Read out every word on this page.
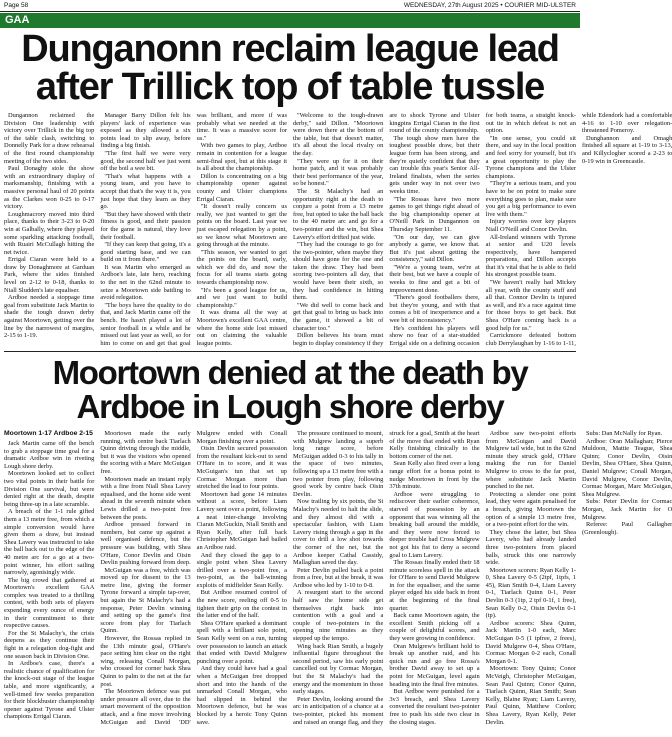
Page 58	WEDNESDAY, 27th August 2025 • COURIER MID-ULSTER
GAA
Dunganonn reclaim league lead after Trillick top of table tussle

Dungannon reclaimed the Division One leadership with victory over Trillick in the big top of the table clash, switching to Donnelly Park for a draw rehearsal of the first round championship meeting of the two sides.

Paul Donaghy stole the show with an extraordinary display of marksmanship, finishing with a massive personal haul of 20 points as the Clarkes won 0-25 to 0-17 victory.

Loughmacrory moved into third place, thanks to their 3-23 to 0-20 win at Galbally, where they played some sparkling attacking football, with Ruairi McCullagh hitting the net twice.

Errigal Ciaran were held to a draw by Donaghmore at Garduan Park, where the sides finished level on 2-12 to 0-18, thanks to Niall Sludden's late equaliser.

Ardboe needed a stoppage time goal from substitute Jack Martin to shade the tough drawn derby against Moortown, getting over the line by the narrowest of margins, 2-15 to 1-19.

Manager Barry Dillon felt his players' lack of experience was exposed as they allowed a six points lead to slip away, before finding a big finish.

"The first half we were very good, the second half we just went off the boil a wee bit.

"That's what happens with a young team, and you have to accept that that's the way it is, you just hope that they learn as they go.

"But they have showed with their fitness is good, and their passion for the game is natural, they love their football.

"If they can keep that going, it's a good starting base, and we can build on it from there."

It was Martin who emerged as Ardboe's late, late hero, reaching to the net in the 62nd minute to seize a Moortown side battling to avoid relegation.

"The boys have the quality to do that, and Jack Martin came off the bench. He hasn't played a lot of senior football in a while and he missed out last year as well, so for him to come on and get that goal was brilliant, and more if was probably what we needed at the time. It was a massive score for us."

With two games to play, Ardboe remain in contention for a league semi-final spot, but at this stage it is all about the championship.

Dillon is concentrating on a big championship opener against county and Ulster champions Errigal Ciaran.

"It doesn't really concern us really, we just wanted to get the points on the board. Last year we just escaped relegation by a point, so we know what Moortown are going through at the minute.

"This season, we wanted to get the points on the board, early, which we did do, and now the focus for all teams starts going towards championship now.

"It's been a good league for us, and we just want to build championship."

It was drama all the way at Moortown's excellent GAA centre, where the home side lost missed out on claiming the valuable league points.

"Welcome to the tough-drawn derby," said Dillon. "Moortown were down there at the bottom of the table, but that doesn't matter, it's all about the local rivalry on the day.

"They were up for it on their home patch, and it was probably their best performance of the year, so be honest."

The St Malachy's had an opportunity right at the death to conjure a point from a 13 metre free, but opted to take the ball back to the 40 metre arc and go for a two-pointer and the win, but Shea Lavery's effort drifted just wide.

"They had the courage to go for the two-pointer, when maybe they should have gone for the one and taken the draw. They had been scoring two-pointers all day, that would have been their sixth, so they had confidence in hitting them.

"We did well to come back and get that goal to bring us back into the game, it showed a bit of character too."

Dillon believes his team must begin to display consistency if they are to shock Tyrone and Ulster kingpins Errigal Ciaran in the first round of the county championship.

The tough show men have the toughest possible draw, but their league form has been strong, and they're quietly confident that they can trouble this year's Senior All-Ireland finalists, when the series gets under way in not over two weeks time.

"The Rossas have two more games to get things right ahead of the big championship opener at O'Neill Park in Dungannon on Thursday September 11.

"On our day, we can give anybody a game, we know that. But it's just about getting the consistency," said Dillon.

"We're a young team, we're at their best, but we have a couple of weeks to fine and get a bit of improvement done.

"There's good footballers there, but they're young, and with that comes a bit of inexperience and a wee bit of inconsistency."

He's confident his players will show no fear of a star-studded Errigal side on a defining occasion for both teams, a straight knock-out tie in which defeat is not an option.

"In one sense, you could sit there, and say in the local position and feel sorry for yourself, but it's a great opportunity to play the Tyrone champions and the Ulster champions.

"They're a serious team, and you have to be on point to make sure everything goes to plan, make sure you get a big performance to even live with them."

Injury worries over key players Niall O'Neill and Conor Devlin.

All-Ireland winners with Tyrone at senior and U20 levels respectively, have hampered preparations, and Dillon accepts that it's vital that he is able to field his strongest possible team.

"We haven't really had Mickey all year, with the county stuff and all that. Connor Devlin is injured as well, and it's a race against time for those boys to get back. But Shea O'Hare coming back is a good help for us."

Carrickmore defeated bottom club Derrylaughan by 1-16 to 1-11, while Edendork had a comfortable 4-16 to 1-10 over relegation-threatened Pomeroy.

Dunghannon and Omagh finished all square at 1-19 to 3-13, and Killyclogher scored a 2-23 to 0-19 win in Greencastle.

Moortown denied at the death by Ardboe in Lough shore derby
Moortown 1-17 Ardboe 2-15

Jack Martin came off the bench to grab a stoppage time goal for a dramatic Ardboe win in riveting Lough shore derby.

Moortown looked set to collect two vital points in their battle for Division One survival, but were denied right at the death, despite being three-up in a late scramble.

A breach of the 1-1 rule gifted them a 13 metre free, from which a simple conversion would have given them a draw, but instead Shea Lavery was instructed to take the ball back out to the edge of the 40 metre arc for a go at a two-point winner, his effort sailing narrowly, agonisingly wide.

The big crowd that gathered at Moortown's excellent GAA complex was treated to a thrilling contest, with both sets of players expending every ounce of energy in their commitment to their respective causes.

For the St Malachy's, the crisis deepens as they continue their fight in a relegation dog-fight and one season back in Division One.

In Ardboe's case, there's a realistic chance of qualification for the knock-out stage of the league table, and more significantly, a well-timed few weeks preparation for their blockbuster championship opener against Tyrone and Ulster champions Errigal Ciaran.

Moortown made the early running, with centre back Tiarlach Quinn driving through the middle, but it was the visitors who opened the scoring with a Marc McGuigan free.

Moortown made an instant reply with a fine from Niall Shea Lavry equalised, and the home side went ahead in the seventh minute when Lewis drilled a two-point free between the posts.

Ardboe pressed forward in numbers, but came up against a well organised defence, but the pressure was building, with Shea O'Hare, Conor Devlin and Oisin Devlin pushing forward from deep.

McGuigan was a free, which was moved up for dissent to the 13 metre line, giving the former Tyrone forward a simple tap-over, but again the St Malachy's had a response, Peter Devlin winning and setting up the game's first score from play for Tiarlach Quinn.

However, the Rossas replied in the 13th minute goal, O'Hare's pace setting him clear on the right wing, releasing Conall Morgan, who crossed for corner back Shea Quinn to palm to the net at the far post.

The Moortown defence was put under pressure all over, due to the smart movement of the opposition attack, and a fine move involving McGuigan and David 'DD' Mulgrew ended with Conall Morgan finishing over a point.

Oisin Devlin secured possession from the resultant kick-out to send O'Hare in to score, and it was McGuigan's tun that set up Cormac Morgan more than stretched the lead to four points.

Moortown had gone 14 minutes without a score, before Liam Lavery sent over a point, following a neat inter-change involving Ciaran McGuckin, Niall Smith and Ryan Kelly, after full back Christopher McGuigan had bailed an Ardboe raid.

And they closed the gap to a single point when Shea Lavery drilled over a two-point free, a two-point, as the ball-winning exploits of midfielder Sean Kelly.

But Ardboe resumed control of the new score, reeling off 0-5 to tighten their grip on the contest in the latter end of the half.

Shea O'Hare sparked a dominant spell with a brilliant solo point, Sean Kelly went on a run, turning over possession to launch an attack that ended with David Mulgrew punching over a point.

And they could have had a goal when a McGuigan free dropped short and into the hands of the unmarked Conall Morgan, who had slipped in behind the Moortown defence, but he was blocked by a heroic Tony Quinn save.

The pressure continued to mount, with Mulgrew landing a superb long range score, before McGuigan added 0-3 to his tally in the space of two minutes, following up a 13 metre free with a two pointer from play, following good work by centre back Oisin Devlin.

Now trailing by six points, the St Malachy's needed to halt the slide, and they almost did with a spectacular fashion, with Liam Lavery rising through a gap in the cover to drill a low shot towards the corner of the net, but the Ardboe keeper Cathal Cassidy, Mallaghan saved the day.

Peter Devlin pulled back a point from a free, but at the break, it was Ardboe who led by 1-10 to 0-8.

A resurgent start to the second half saw the home side get themselves right back into contention with a goal and a couple of two-pointers in the opening nine minutes as they stepped up the tempo.

Wing back Rian Smith, a hugely influential figure throughout the second period, saw his early point cancelled out by Cormac Morgan, but the St Malachy's had the energy and the momentum in those early stages.

Peter Devlin, looking around the arc in anticipation of a chance at a two-pointer, picked his moment and raised an orange flag, and they struck for a goal, Smith at the heart of the move that ended with Ryan Kelly finishing clinically to the bottom corner of the net.

Sean Kelly also fired over a long range effort for a bonus point to nudge Moortown in front by the 37th minute.

Ardboe were struggling to rediscover their earlier coherence, starved of possession by an opponent that was winning all the breaking ball around the middle, and they were now forced to deeper trouble had Cross Mulgrew not got his fist to deny a second goal to Liam Lavery.

The Rossas finally ended their 18 minute scoreless spell in the attack for O'Hare to send David Mulgrew in for the equaliser, and the same player edged his side back in front at the beginning of the final quarter.

Back came Moortown again, the excellent Smith picking off a couple of delightful scores, and they were growing in confidence.

Oran Mulgrew's brilliant hold to break up another raid, and his quick run and go free Rossa's brother David away to set up a point for McGuigan, level again heading into the final five minutes.

But Ardboe were punished for a 3v3 breach, and Shea Lavery converted the resultant two-pointer free to push his side two clear in the closing stages.

Ardboe saw two-point efforts from McGuigan and David Mulgrew tail wide, but in the 62nd minute they struck gold, O'Hare making the run for Daniel Mulgrew to cross to the far post, where substitute Jack Martin punched to the net.

Protecting a slender one point lead, they were again penalised for a breach, giving Moortown the option of a simple 13 metre free, or a two-point effort for the win.

They chose the latter, but Shea Lavery, who had already landed three two-pointers from placed balls, struck this one narrowly wide.

Moortown scorers: Ryan Kelly 1-0, Shea Lavery 0-5 (2tpf, 1tpfs, 1 45), Rian Smith 0-4, Liam Lavery 0-1, Tiarlach Quinn 0-1, Peter Devlin 0-3 (1tp, 2 tpf 0-1f, 1 free), Sean Kelly 0-2, Oisin Devlin 0-1 (tp).

Ardboe scorers: Shea Quinn, Jack Martin 1-0 each, Marc McGuigan 0-5 (1 tpfree, 2 frees), David Mulgrew 0-4, Shea O'Hare, Cormac Morgan 0-2 each, Conall Morgan 0-1.

Moortown: Tony Quinn; Conor McVeigh, Christopher McGuigan, Sean Paul Quinn; Conor Quinn, Tiarlach Quinn, Rian Smith; Sean Kelly, Blaine Ryan; Liam Lavery, Paul Quinn, Matthew Conlon; Shea Lavery, Ryan Kelly, Peter Devlin.

Subs: Dan McNally for Ryan.

Ardboe: Oran Mallaghan; Pierce Muldoon, Mattie Teague, Shea Quinn; Conor Devlin, Oisin Devlin, Shea O'Hare, Shea Quinn, Daniel Mulgrew; Conall Morgan, David Mulgrew, Conor Devlin, Cormac Morgan, Marc McGuigan, Shea Mulgrew.

Subs: Peter Devlin for Cormac Morgan, Jack Martin for O Mulgrew.

Referee: Paul Gallagher (Greenlough).
